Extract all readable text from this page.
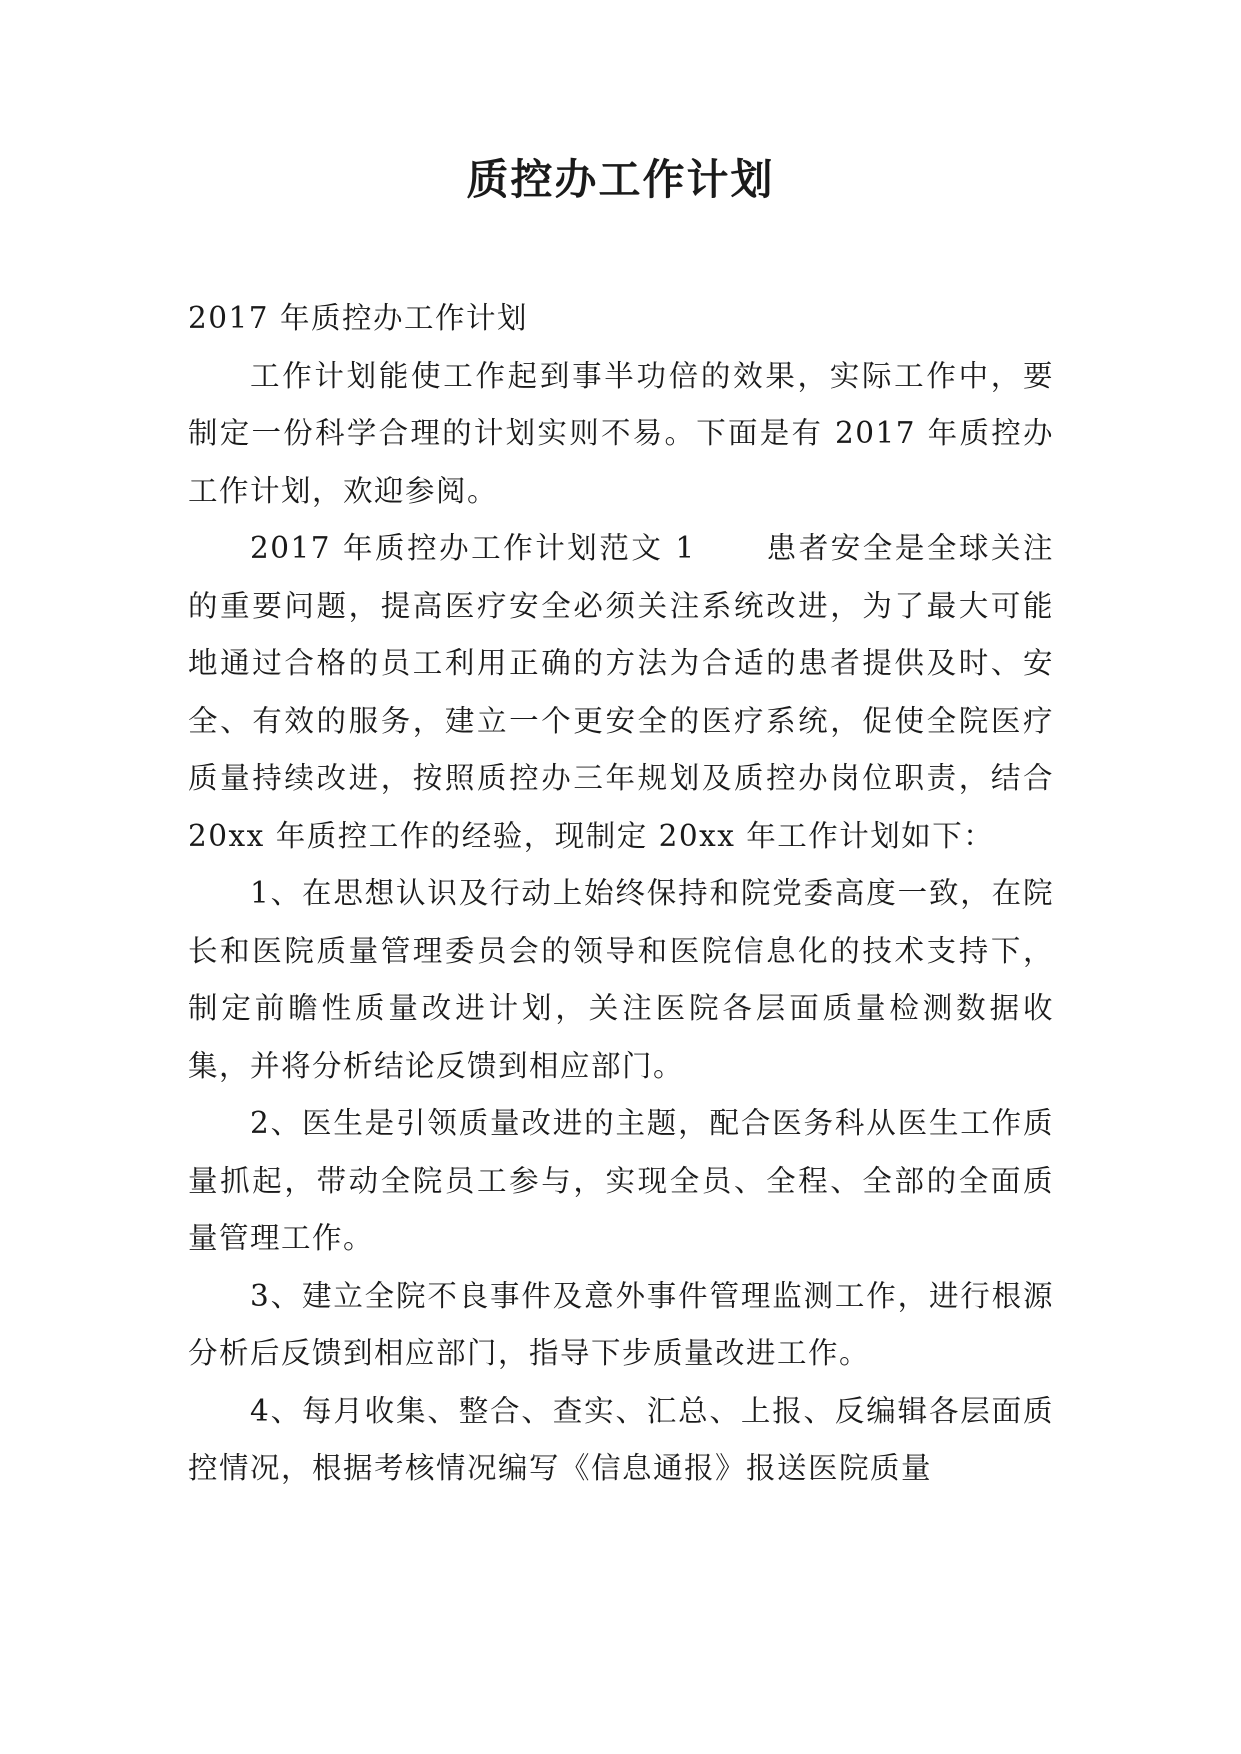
质控办工作计划

2017 年质控办工作计划

工作计划能使工作起到事半功倍的效果，实际工作中，要制定一份科学合理的计划实则不易。下面是有 2017 年质控办工作计划，欢迎参阅。

2017 年质控办工作计划范文 1 患者安全是全球关注的重要问题，提高医疗安全必须关注系统改进，为了最大可能地通过合格的员工利用正确的方法为合适的患者提供及时、安全、有效的服务，建立一个更安全的医疗系统，促使全院医疗质量持续改进，按照质控办三年规划及质控办岗位职责，结合 20xx 年质控工作的经验，现制定 20xx 年工作计划如下：

1、在思想认识及行动上始终保持和院党委高度一致，在院长和医院质量管理委员会的领导和医院信息化的技术支持下，制定前瞻性质量改进计划，关注医院各层面质量检测数据收集，并将分析结论反馈到相应部门。

2、医生是引领质量改进的主题，配合医务科从医生工作质量抓起，带动全院员工参与，实现全员、全程、全部的全面质量管理工作。

3、建立全院不良事件及意外事件管理监测工作，进行根源分析后反馈到相应部门，指导下步质量改进工作。

4、每月收集、整合、查实、汇总、上报、反编辑各层面质控情况，根据考核情况编写《信息通报》报送医院质量
